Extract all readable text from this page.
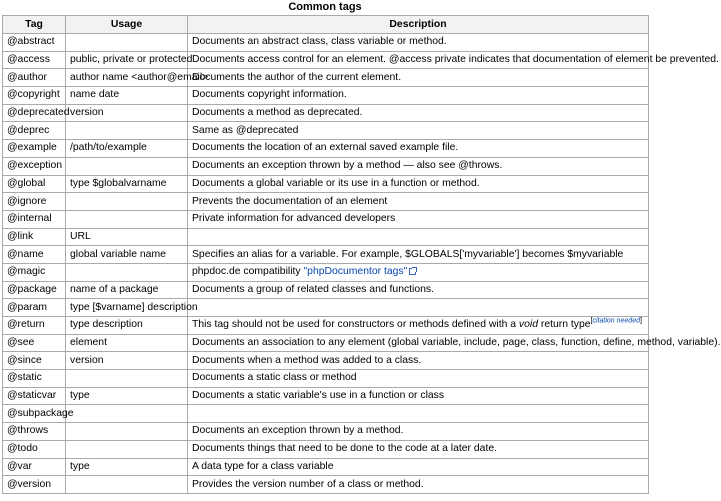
Common tags
Tag	Usage	Description
@abstract		Documents an abstract class, class variable or method.
@access	public, private or protected	Documents access control for an element. @access private indicates that documentation of element be prevented.
@author	author name <author@email>	Documents the author of the current element.
@copyright	name date	Documents copyright information.
@deprecated	version	Documents a method as deprecated.
@deprec		Same as @deprecated
@example	/path/to/example	Documents the location of an external saved example file.
@exception		Documents an exception thrown by a method — also see @throws.
@global	type $globalvarname	Documents a global variable or its use in a function or method.
@ignore		Prevents the documentation of an element
@internal		Private information for advanced developers
@link	URL	
@name	global variable name	Specifies an alias for a variable. For example, $GLOBALS['myvariable'] becomes $myvariable
@magic		phpdoc.de compatibility "phpDocumentor tags"
@package	name of a package	Documents a group of related classes and functions.
@param	type [$varname] description	
@return	type description	This tag should not be used for constructors or methods defined with a void return type[citation needed]
@see	element	Documents an association to any element (global variable, include, page, class, function, define, method, variable).
@since	version	Documents when a method was added to a class.
@static		Documents a static class or method
@staticvar	type	Documents a static variable's use in a function or class
@subpackage		
@throws		Documents an exception thrown by a method.
@todo		Documents things that need to be done to the code at a later date.
@var	type	A data type for a class variable
@version		Provides the version number of a class or method.
